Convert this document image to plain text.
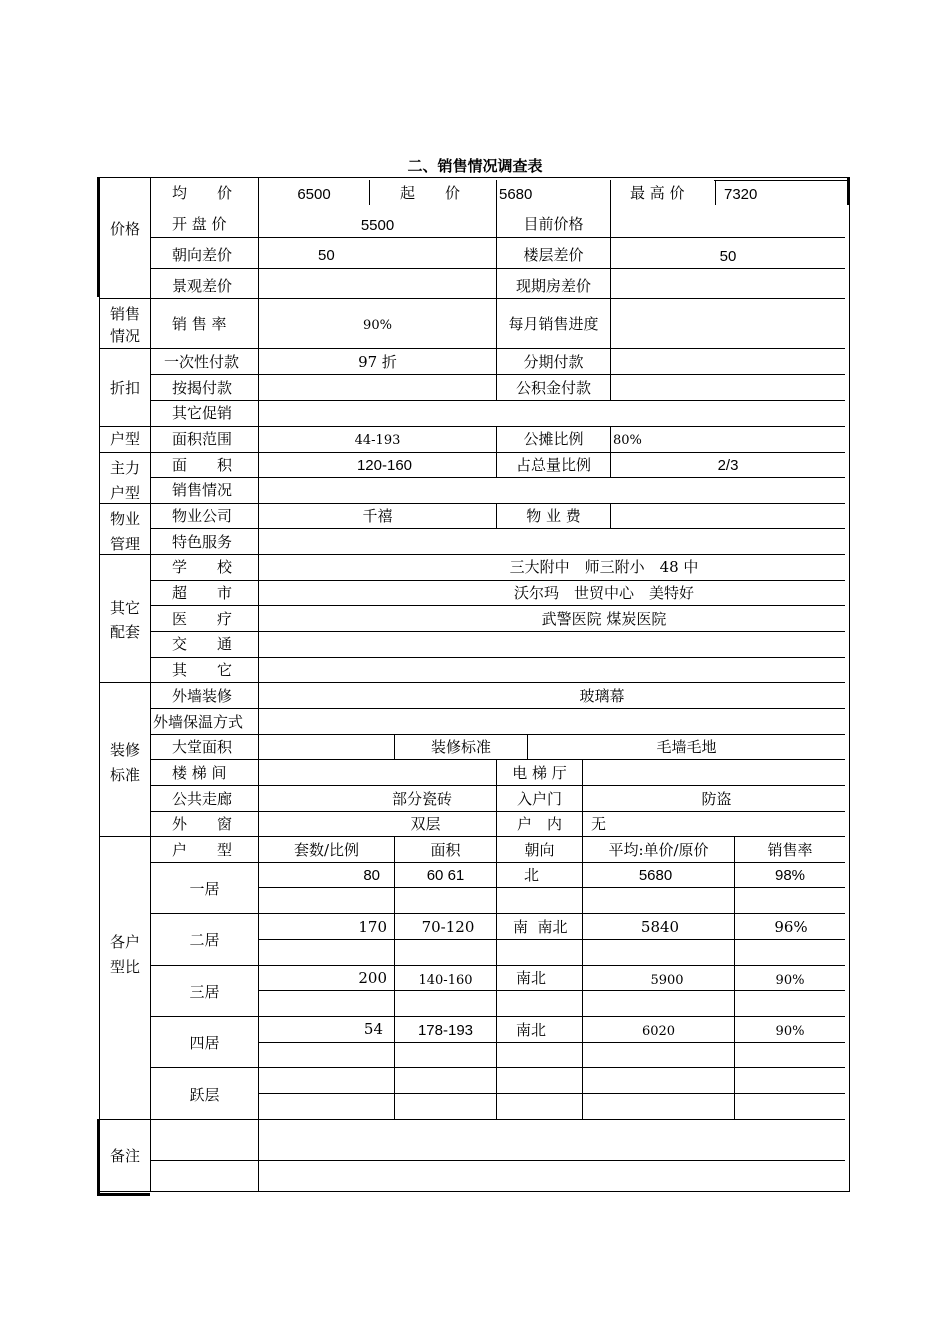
二、销售情况调查表
价格
均　　价	6500	起　　价	5680	最 高 价	7320
开 盘 价	5500	目前价格
朝向差价	50	楼层差价	50
景观差价	现期房差价
销售情况
销 售 率	90%	每月销售进度
折扣
一次性付款	97 折	分期付款
按揭付款	公积金付款
其它促销
户型 面积范围	44-193	公摊比例	80%
主力户型
面　　积	120-160	占总量比例	2/3
销售情况
物业管理
物业公司	千禧	物 业 费
特色服务
其它配套
学　　校	三大附中　师三附小　48 中
超　　市	沃尔玛　世贸中心　美特好
医　　疗	武警医院 煤炭医院
交　　通
其　　它
装修标准
外墙装修	玻璃幕
外墙保温方式
大堂面积	装修标准	毛墙毛地
楼 梯 间	电 梯 厅
公共走廊	部分瓷砖	入户门	防盗
外　　窗	双层	户　内	无
各户型比
户　　型	套数/比例	面积	朝向	平均:单价/原价	销售率
一居
80	60 61	北	5680	98%
二居
170	70-120	南  南北	5840	96%
三居
200	140-160	南北	5900	90%
四居
54	178-193	南北	6020	90%
跃层
备注
